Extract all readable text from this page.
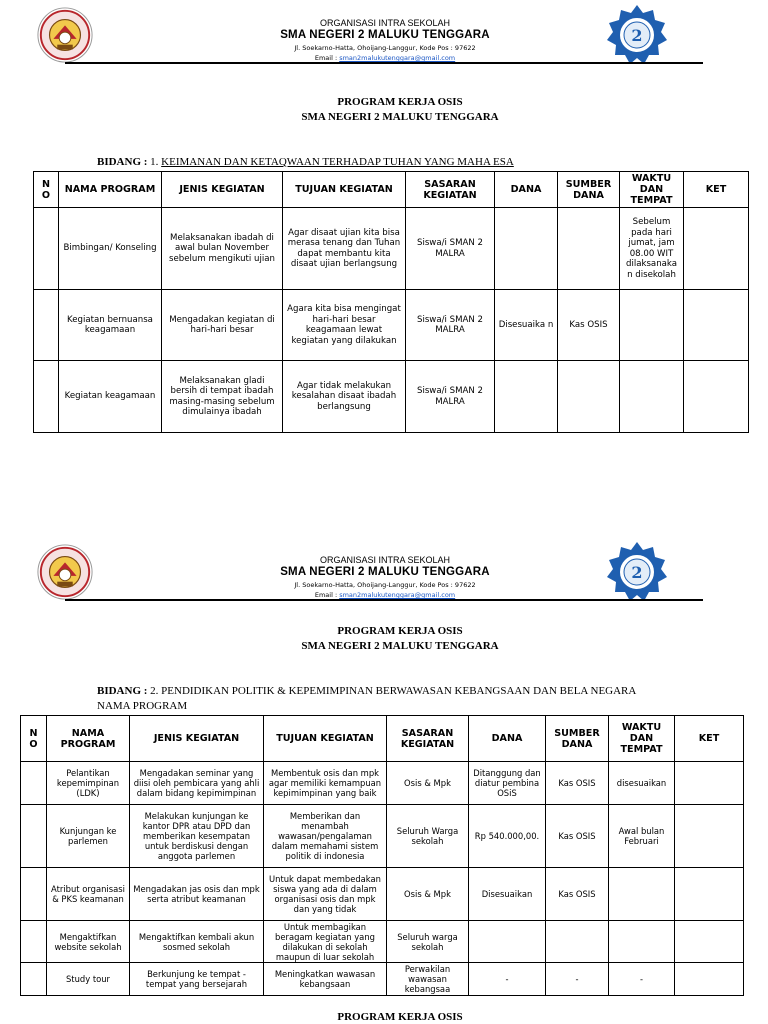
ORGANISASI INTRA SEKOLAH
SMA NEGERI 2 MALUKU TENGGARA
Jl. Soekarno-Hatta, Ohoijang-Langgur, Kode Pos : 97622
Email : sman2malukutenggara@gmail.com
2
PROGRAM KERJA OSIS
SMA NEGERI 2 MALUKU TENGGARA
BIDANG : 1. KEIMANAN DAN KETAQWAAN TERHADAP TUHAN YANG MAHA ESA
N O	NAMA PROGRAM	JENIS KEGIATAN	TUJUAN KEGIATAN	SASARAN KEGIATAN	DANA	SUMBER DANA	WAKTU DAN TEMPAT	KET
	Bimbingan/ Konseling	Melaksanakan ibadah di awal bulan November sebelum mengikuti ujian	Agar disaat ujian kita bisa merasa tenang dan Tuhan dapat membantu kita disaat ujian berlangsung	Siswa/i SMAN 2 MALRA			Sebelum pada hari jumat, jam 08.00 WIT dilaksanaka n disekolah	
	Kegiatan bernuansa keagamaan	Mengadakan kegiatan di hari-hari besar	Agara kita bisa mengingat hari-hari besar keagamaan lewat kegiatan yang dilakukan	Siswa/i SMAN 2 MALRA	Disesuaika n	Kas OSIS		
	Kegiatan keagamaan	Melaksanakan gladi bersih di tempat ibadah masing-masing sebelum dimulainya ibadah	Agar tidak melakukan kesalahan disaat ibadah berlangsung	Siswa/i SMAN 2 MALRA				
ORGANISASI INTRA SEKOLAH
SMA NEGERI 2 MALUKU TENGGARA
Jl. Soekarno-Hatta, Ohoijang-Langgur, Kode Pos : 97622
Email : sman2malukutenggara@gmail.com
2
PROGRAM KERJA OSIS
SMA NEGERI 2 MALUKU TENGGARA
BIDANG : 2. PENDIDIKAN POLITIK & KEPEMIMPINAN BERWAWASAN KEBANGSAAN DAN BELA NEGARA
NAMA PROGRAM
N O	NAMA PROGRAM	JENIS KEGIATAN	TUJUAN KEGIATAN	SASARAN KEGIATAN	DANA	SUMBER DANA	WAKTU DAN TEMPAT	KET
	Pelantikan kepemimpinan (LDK)	Mengadakan seminar yang diisi oleh pembicara yang ahli dalam bidang kepimimpinan	Membentuk osis dan mpk agar memiliki kemampuan kepimimpinan yang baik	Osis & Mpk	Ditanggung dan diatur pembina OSiS	Kas OSIS	disesuaikan	
	Kunjungan ke parlemen	Melakukan kunjungan ke kantor DPR atau DPD dan memberikan kesempatan untuk berdiskusi dengan anggota parlemen	Memberikan dan menambah wawasan/pengalaman dalam memahami sistem politik di indonesia	Seluruh Warga sekolah	Rp 540.000,00.	Kas OSIS	Awal bulan Februari	
	Atribut organisasi & PKS keamanan	Mengadakan jas osis dan mpk serta atribut keamanan	Untuk dapat membedakan siswa yang ada di dalam organisasi osis dan mpk dan yang tidak	Osis & Mpk	Disesuaikan	Kas OSIS		
	Mengaktifkan website sekolah	Mengaktifkan kembali akun sosmed sekolah	Untuk membagikan beragam kegiatan yang dilakukan di sekolah maupun di luar sekolah	Seluruh warga sekolah				
	Study tour	Berkunjung ke tempat - tempat yang bersejarah	Meningkatkan wawasan kebangsaan	Perwakilan wawasan kebangsaa	-	-	-	
PROGRAM KERJA OSIS
